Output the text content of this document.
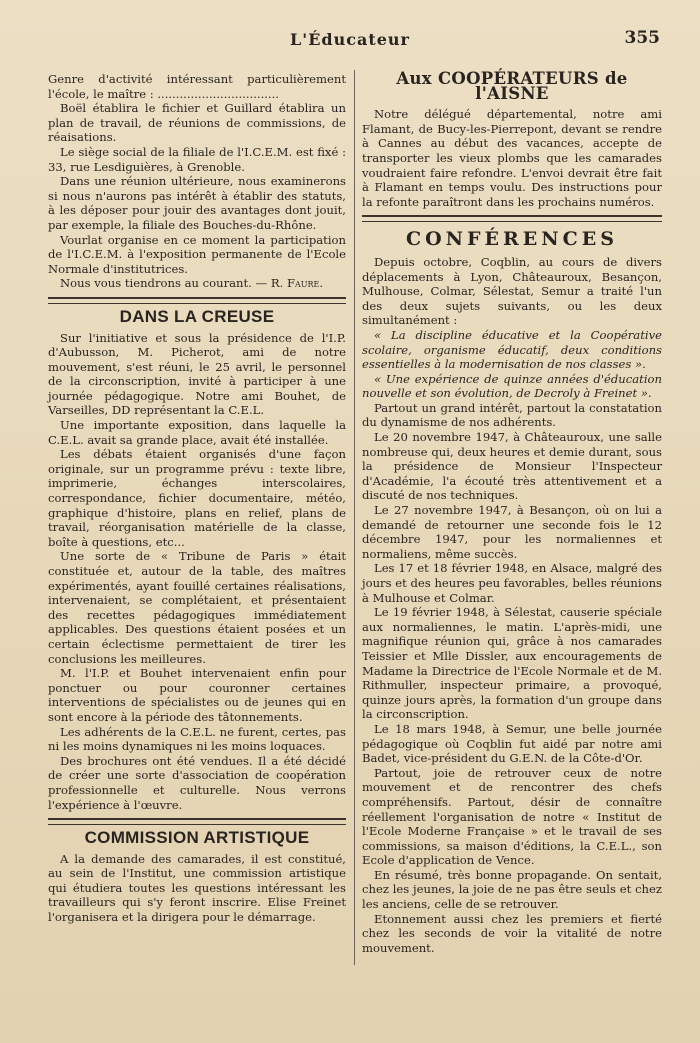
L'Éducateur	355

Genre d'activité intéressant particulièrement l'école, le maître : .................................

Boël établira le fichier et Guillard établira un plan de travail, de réunions de commissions, de réaisations.

Le siège social de la filiale de l'I.C.E.M. est fixé : 33, rue Lesdiguières, à Grenoble.

Dans une réunion ultérieure, nous examinerons si nous n'aurons pas intérêt à établir des statuts, à les déposer pour jouir des avantages dont jouit, par exemple, la filiale des Bouches-du-Rhône.

Vourlat organise en ce moment la participation de l'I.C.E.M. à l'exposition permanente de l'Ecole Normale d'institutrices.

Nous vous tiendrons au courant. — R. Faure.

DANS LA CREUSE

Sur l'initiative et sous la présidence de l'I.P. d'Aubusson, M. Picherot, ami de notre mouvement, s'est réuni, le 25 avril, le personnel de la circonscription, invité à participer à une journée pédagogique. Notre ami Bouhet, de Varseilles, DD représentant la C.E.L.

Une importante exposition, dans laquelle la C.E.L. avait sa grande place, avait été installée.

Les débats étaient organisés d'une façon originale, sur un programme prévu : texte libre, imprimerie, échanges interscolaires, correspondance, fichier documentaire, météo, graphique d'histoire, plans en relief, plans de travail, réorganisation matérielle de la classe, boîte à questions, etc...

Une sorte de « Tribune de Paris » était constituée et, autour de la table, des maîtres expérimentés, ayant fouillé certaines réalisations, intervenaient, se complétaient, et présentaient des recettes pédagogiques immédiatement applicables. Des questions étaient posées et un certain éclectisme permettaient de tirer les conclusions les meilleures.

M. l'I.P. et Bouhet intervenaient enfin pour ponctuer ou pour couronner certaines interventions de spécialistes ou de jeunes qui en sont encore à la période des tâtonnements.

Les adhérents de la C.E.L. ne furent, certes, pas ni les moins dynamiques ni les moins loquaces.

Des brochures ont été vendues. Il a été décidé de créer une sorte d'association de coopération professionnelle et culturelle. Nous verrons l'expérience à l'œuvre.

COMMISSION ARTISTIQUE

A la demande des camarades, il est constitué, au sein de l'Institut, une commission artistique qui étudiera toutes les questions intéressant les travailleurs qui s'y feront inscrire. Elise Freinet l'organisera et la dirigera pour le démarrage.

Aux COOPÉRATEURS de l'AISNE

Notre délégué départemental, notre ami Flamant, de Bucy-les-Pierrepont, devant se rendre à Cannes au début des vacances, accepte de transporter les vieux plombs que les camarades voudraient faire refondre. L'envoi devrait être fait à Flamant en temps voulu. Des instructions pour la refonte paraîtront dans les prochains numéros.

CONFÉRENCES

Depuis octobre, Coqblin, au cours de divers déplacements à Lyon, Châteauroux, Besançon, Mulhouse, Colmar, Sélestat, Semur a traité l'un des deux sujets suivants, ou les deux simultanément :

« La discipline éducative et la Coopérative scolaire, organisme éducatif, deux conditions essentielles à la modernisation de nos classes ».

« Une expérience de quinze années d'éducation nouvelle et son évolution, de Decroly à Freinet ».

Partout un grand intérêt, partout la constatation du dynamisme de nos adhérents.

Le 20 novembre 1947, à Châteauroux, une salle nombreuse qui, deux heures et demie durant, sous la présidence de Monsieur l'Inspecteur d'Académie, l'a écouté très attentivement et a discuté de nos techniques.

Le 27 novembre 1947, à Besançon, où on lui a demandé de retourner une seconde fois le 12 décembre 1947, pour les normaliennes et normaliens, même succès.

Les 17 et 18 février 1948, en Alsace, malgré des jours et des heures peu favorables, belles réunions à Mulhouse et Colmar.

Le 19 février 1948, à Sélestat, causerie spéciale aux normaliennes, le matin. L'après-midi, une magnifique réunion qui, grâce à nos camarades Teissier et Mlle Dissler, aux encouragements de Madame la Directrice de l'Ecole Normale et de M. Rithmuller, inspecteur primaire, a provoqué, quinze jours après, la formation d'un groupe dans la circonscription.

Le 18 mars 1948, à Semur, une belle journée pédagogique où Coqblin fut aidé par notre ami Badet, vice-président du G.E.N. de la Côte-d'Or.

Partout, joie de retrouver ceux de notre mouvement et de rencontrer des chefs compréhensifs. Partout, désir de connaître réellement l'organisation de notre « Institut de l'Ecole Moderne Française » et le travail de ses commissions, sa maison d'éditions, la C.E.L., son Ecole d'application de Vence.

En résumé, très bonne propagande. On sentait, chez les jeunes, la joie de ne pas être seuls et chez les anciens, celle de se retrouver.

Etonnement aussi chez les premiers et fierté chez les seconds de voir la vitalité de notre mouvement.
